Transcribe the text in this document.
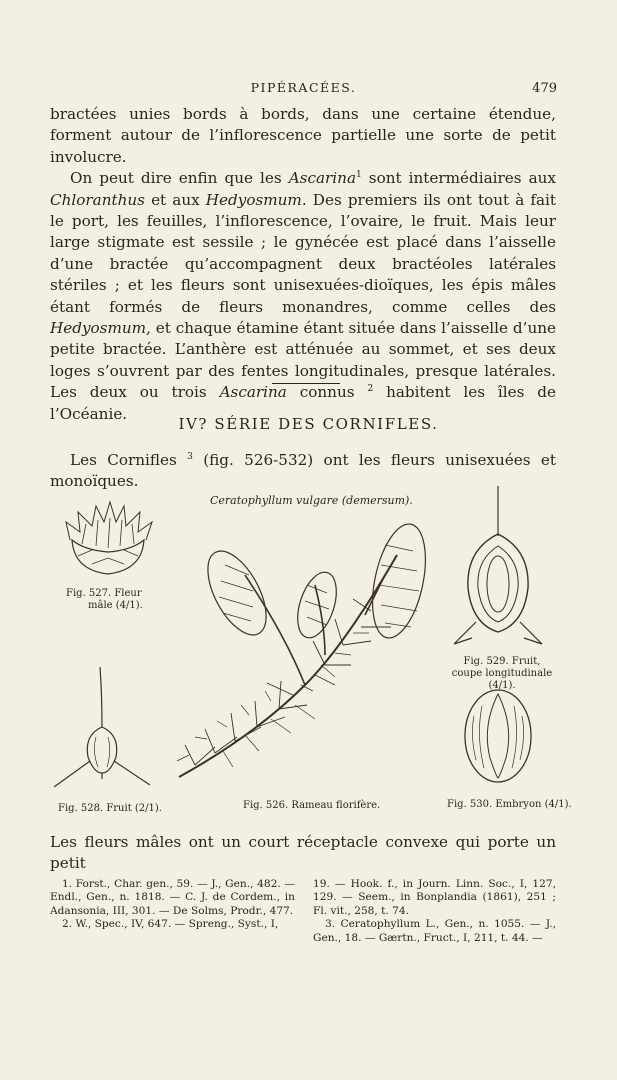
PIPÉRACÉES.	479

bractées unies bords à bords, dans une certaine étendue, forment autour de l’inflorescence partielle une sorte de petit involucre.

On peut dire enfin que les Ascarina$^1$ sont intermédiaires aux Chloranthus et aux Hedyosmum. Des premiers ils ont tout à fait le port, les feuilles, l’inflorescence, l’ovaire, le fruit. Mais leur large stigmate est sessile ; le gynécée est placé dans l’aisselle d’une bractée qu’accompagnent deux bractéoles latérales stériles ; et les fleurs sont unisexuées-dioïques, les épis mâles étant formés de fleurs monandres, comme celles des Hedyosmum, et chaque étamine étant située dans l’aisselle d’une petite bractée. L’anthère est atténuée au sommet, et ses deux loges s’ouvrent par des fentes longitudinales, presque latérales. Les deux ou trois Ascarina connus $^2$ habitent les îles de l’Océanie.

IV? SÉRIE DES CORNIFLES.

Les Cornifles $^3$ (fig. 526-532) ont les fleurs unisexuées et monoïques.

Ceratophyllum vulgare (demersum).
Fig. 527. Fleur
mâle (4/1).
Fig. 528. Fruit (2/1).	Fig. 526. Rameau florifère.
Fig. 529. Fruit,
coupe longitudinale (4/1).
Fig. 530. Embryon (4/1).
Les fleurs mâles ont un court réceptacle convexe qui porte un petit

1. Forst., Char. gen., 59. — J., Gen., 482. — Endl., Gen., n. 1818. — C. J. de Cordem., in Adansonia, III, 301. — De Solms, Prodr., 477.

2. W., Spec., IV, 647. — Spreng., Syst., I,

19. — Hook. f., in Journ. Linn. Soc., I, 127, 129. — Seem., in Bonplandia (1861), 251 ; Fl. vit., 258, t. 74.

3. Ceratophyllum L., Gen., n. 1055. — J., Gen., 18. — Gærtn., Fruct., I, 211, t. 44. —
